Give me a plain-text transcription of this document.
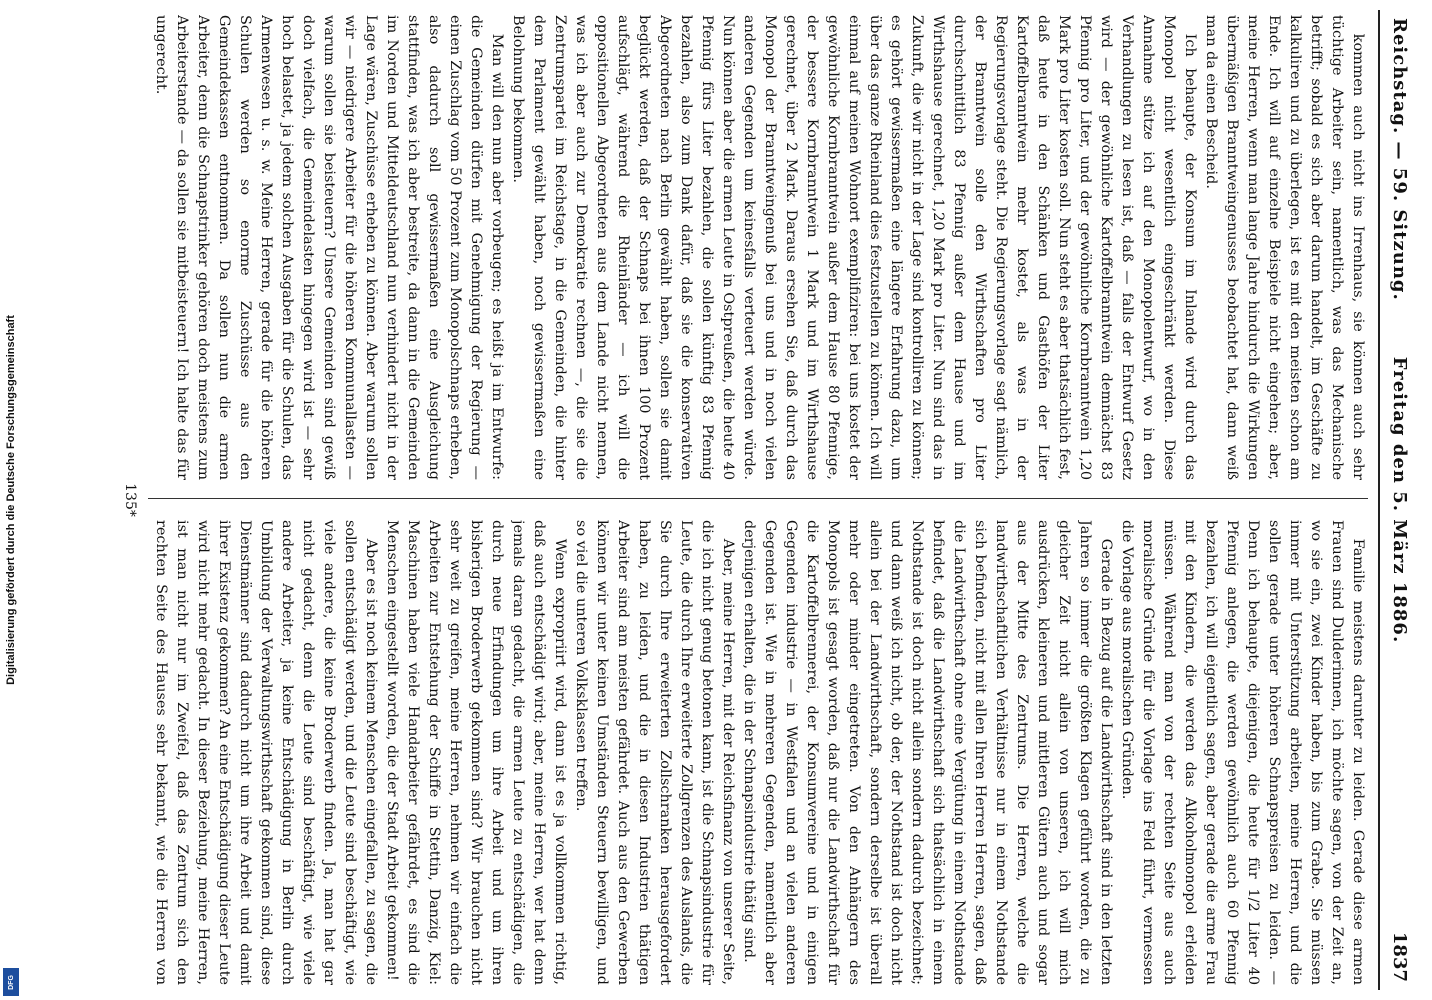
Digitalisierung gefördert durch die Deutsche Forschungsgemeinschaft
DFG
Reichstag. — 59. Sitzung.
Freitag den 5. März 1886.
1837

kommen auch nicht ins Irrenhaus, sie können auch sehr tüchtige Arbeiter sein, namentlich, was das Mechanische betrifft; sobald es sich aber darum handelt, im Geschäfte zu kalkuliren und zu überlegen, ist es mit den meisten schon am Ende. Ich will auf einzelne Beispiele nicht eingehen; aber, meine Herren, wenn man lange Jahre hindurch die Wirkungen übermäßigen Branntweingenusses beobachtet hat, dann weiß man da einen Bescheid.

Ich behaupte, der Konsum im Inlande wird durch das Monopol nicht wesentlich eingeschränkt werden. Diese Annahme stütze ich auf den Monopolentwurf, wo in den Verhandlungen zu lesen ist, daß — falls der Entwurf Gesetz wird — der gewöhnliche Kartoffelbranntwein demnächst 83 Pfennig pro Liter, und der gewöhnliche Kornbranntwein 1,20 Mark pro Liter kosten soll. Nun steht es aber thatsächlich fest, daß heute in den Schänken und Gasthöfen der Liter Kartoffelbranntwein mehr kostet, als was in der Regierungsvorlage steht. Die Regierungsvorlage sagt nämlich, der Branntwein solle den Wirthschaften pro Liter durchschnittlich 83 Pfennig außer dem Hause und im Wirthshause gerechnet, 1,20 Mark pro Liter. Nun sind das in Zukunft, die wir nicht in der Lage sind kontrolliren zu können; es gehört gewissermaßen eine längere Erfahrung dazu, um über das ganze Rheinland dies festzustellen zu können. Ich will einmal auf meinen Wohnort exemplifiziren: bei uns kostet der gewöhnliche Kornbranntwein außer dem Hause 80 Pfennige, der bessere Kornbranntwein 1 Mark und im Wirthshause gerechnet, über 2 Mark. Daraus ersehen Sie, daß durch das Monopol der Branntweingenuß bei uns und in noch vielen anderen Gegenden um keinesfalls verteuert werden würde. Nun können aber die armen Leute in Ostpreußen, die heute 40 Pfennig fürs Liter bezahlen, die sollen künftig 83 Pfennig bezahlen, also zum Dank dafür, daß sie die konservativen Abgeordneten nach Berlin gewählt haben, sollen sie damit beglückt werden, daß der Schnaps bei ihnen 100 Prozent aufschlägt, während die Rheinländer — ich will die oppositionellen Abgeordneten aus dem Lande nicht nennen, was ich aber auch zur Demokratie rechnen —, die sie die Zentrumspartei im Reichstage, in die Gemeinden, die hinter dem Parlament gewählt haben, noch gewissermaßen eine Belohnung bekommen.

Man will den nun aber vorbeugen; es heißt ja im Entwurfe: die Gemeinden dürfen mit Genehmigung der Regierung — einen Zuschlag vom 50 Prozent zum Monopolschnaps erheben, also dadurch soll gewissermaßen eine Ausgleichung stattfinden, was ich aber bestreite, da dann in die Gemeinden im Norden und Mitteldeutschland nun verhindert nicht in der Lage wären, Zuschüsse erheben zu können. Aber warum sollen wir — niedrigere Arbeiter für die höheren Kommunallasten — warum sollen sie beisteuern? Unsere Gemeinden sind gewiß doch vielfach, die Gemeindelasten hingegen wird ist — sehr hoch belastet, ja jedem solchen Ausgaben für die Schulen, das Armenwesen u. s. w. Meine Herren, gerade für die höheren Schulen werden so enorme Zuschüsse aus den Gemeindekassen entnommen. Da sollen nun die armen Arbeiter, denn die Schnapstrinker gehören doch meistens zum Arbeiterstande — da sollen sie mitbeisteuern! Ich halte das für ungerecht.

Familie meistens darunter zu leiden. Gerade diese armen Frauen sind Dulderinnen, ich möchte sagen, von der Zeit an, wo sie ein, zwei Kinder haben, bis zum Grabe. Sie müssen immer mit Unterstützung arbeiten, meine Herren, und die sollen gerade unter höheren Schnapspreisen zu leiden. — Denn ich behaupte, diejenigen, die heute für 1/2 Liter 40 Pfennig anlegen, die werden gewöhnlich auch 60 Pfennig bezahlen, ich will eigentlich sagen, aber gerade die arme Frau mit den Kindern, die werden das Alkoholmonopol erleiden müssen. Während man von der rechten Seite aus auch moralische Gründe für die Vorlage ins Feld führt, vermessen die Vorlage aus moralischen Gründen.

Gerade in Bezug auf die Landwirthschaft sind in den letzten Jahren so immer die größten Klagen geführt worden, die zu gleicher Zeit nicht allein von unseren, ich will mich ausdrücken, kleineren und mittleren Gütern auch und sogar aus der Mitte des Zentrums. Die Herren, welche die landwirthschaftlichen Verhältnisse nur in einem Nothstande sich befinden, nicht mit allen Ihren Herren Herren, sagen, daß die Landwirthschaft ohne eine Vergütung in einem Nothstande befindet, daß die Landwirthschaft sich thatsächlich in einem Nothstande ist doch nicht allein sondern dadurch bezeichnet; und dann weiß ich nicht, ob der, der Nothstand ist doch nicht allein bei der Landwirthschaft, sondern derselbe ist überall mehr oder minder eingetreten. Von den Anhängern des Monopols ist gesagt worden, daß nur die Landwirthschaft für die Kartoffelbrennerei, der Konsumvereine und in einigen Gegenden industrie — in Westfalen und an vielen anderen Gegenden ist. Wie in mehreren Gegenden, namentlich aber derjenigen erhalten, die in der Schnapsindustrie thätig sind.

Aber, meine Herren, mit der Reichsfinanz von unserer Seite, die ich nicht genug betonen kann, ist die Schnapsindustrie für Leute, die durch Ihre erweiterte Zollgrenzen des Auslands, die Sie durch Ihre erweiterten Zollschranken herausgefordert haben, zu leiden, und die in diesen Industrien thätigen Arbeiter sind am meisten gefährdet. Auch aus den Gewerben können wir unter keinen Umständen Steuern bewilligen, und so viel die unteren Volksklassen treffen.

Wenn expropriirt wird, dann ist es ja vollkommen richtig, daß auch entschädigt wird; aber, meine Herren, wer hat denn jemals daran gedacht, die armen Leute zu entschädigen, die durch neue Erfindungen um ihre Arbeit und um ihren bisherigen Broderwerb gekommen sind? Wir brauchen nicht sehr weit zu greifen, meine Herren, nehmen wir einfach die Arbeiten zur Entstehung der Schiffe in Stettin, Danzig, Kiel: Maschinen haben viele Handarbeiter gefährdet, es sind die Menschen eingestellt worden, die der Stadt Arbeit gekommen!

Aber es ist noch keinem Menschen eingefallen, zu sagen, die sollen entschädigt werden, und die Leute sind beschäftigt, wie viele andere, die keine Broderwerb finden. Ja, man hat gar nicht gedacht, denn die Leute sind beschäftigt, wie viele andere Arbeiter, ja keine Entschädigung in Berlin durch Umbildung der Verwaltungswirthschaft gekommen sind, diese Dienstmänner sind dadurch nicht um ihre Arbeit und damit ihrer Existenz gekommen? An eine Entschädigung dieser Leute wird nicht mehr gedacht. In dieser Beziehung, meine Herren, ist man nicht nur im Zweifel, daß das Zentrum sich den rechten Seite des Hauses sehr bekannt, wie die Herren von

135*
